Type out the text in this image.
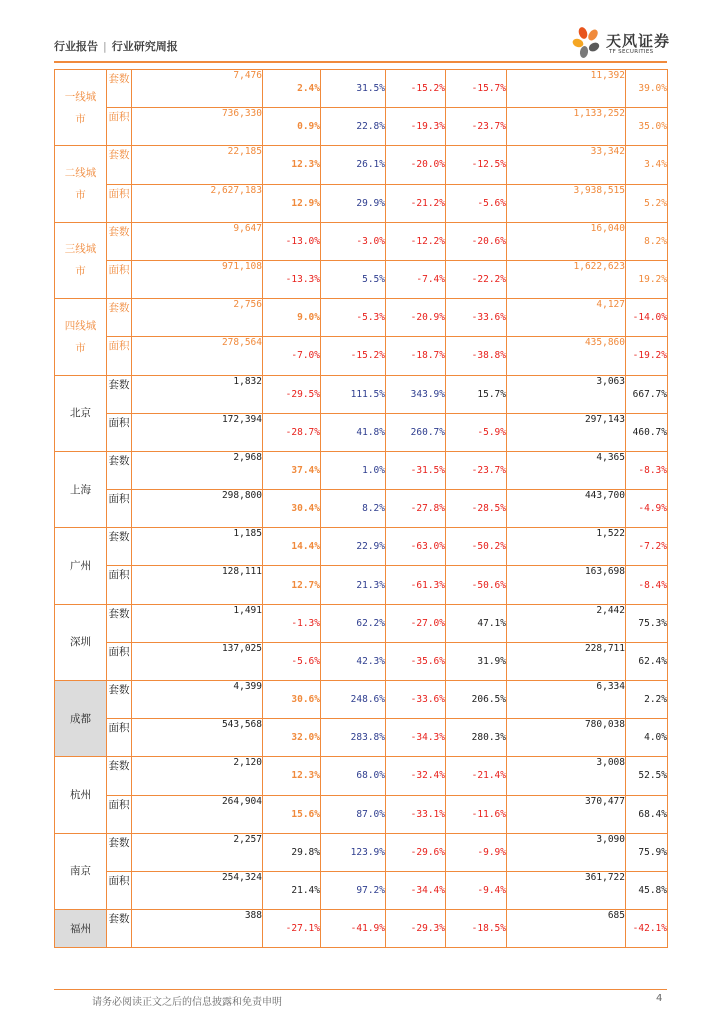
行业报告 | 行业研究周报	天风证券
TF SECURITIES
一线城市	套数	7,476	2.4%	31.5%	-15.2%	-15.7%	11,392	39.0%
	面积	736,330	0.9%	22.8%	-19.3%	-23.7%	1,133,252	35.0%
二线城市	套数	22,185	12.3%	26.1%	-20.0%	-12.5%	33,342	3.4%
	面积	2,627,183	12.9%	29.9%	-21.2%	-5.6%	3,938,515	5.2%
三线城市	套数	9,647	-13.0%	-3.0%	-12.2%	-20.6%	16,040	8.2%
	面积	971,108	-13.3%	5.5%	-7.4%	-22.2%	1,622,623	19.2%
四线城市	套数	2,756	9.0%	-5.3%	-20.9%	-33.6%	4,127	-14.0%
	面积	278,564	-7.0%	-15.2%	-18.7%	-38.8%	435,860	-19.2%
北京	套数	1,832	-29.5%	111.5%	343.9%	15.7%	3,063	667.7%
	面积	172,394	-28.7%	41.8%	260.7%	-5.9%	297,143	460.7%
上海	套数	2,968	37.4%	1.0%	-31.5%	-23.7%	4,365	-8.3%
	面积	298,800	30.4%	8.2%	-27.8%	-28.5%	443,700	-4.9%
广州	套数	1,185	14.4%	22.9%	-63.0%	-50.2%	1,522	-7.2%
	面积	128,111	12.7%	21.3%	-61.3%	-50.6%	163,698	-8.4%
深圳	套数	1,491	-1.3%	62.2%	-27.0%	47.1%	2,442	75.3%
	面积	137,025	-5.6%	42.3%	-35.6%	31.9%	228,711	62.4%
成都	套数	4,399	30.6%	248.6%	-33.6%	206.5%	6,334	2.2%
	面积	543,568	32.0%	283.8%	-34.3%	280.3%	780,038	4.0%
杭州	套数	2,120	12.3%	68.0%	-32.4%	-21.4%	3,008	52.5%
	面积	264,904	15.6%	87.0%	-33.1%	-11.6%	370,477	68.4%
南京	套数	2,257	29.8%	123.9%	-29.6%	-9.9%	3,090	75.9%
	面积	254,324	21.4%	97.2%	-34.4%	-9.4%	361,722	45.8%
福州	套数	388	-27.1%	-41.9%	-29.3%	-18.5%	685	-42.1%
请务必阅读正文之后的信息披露和免责申明	4
